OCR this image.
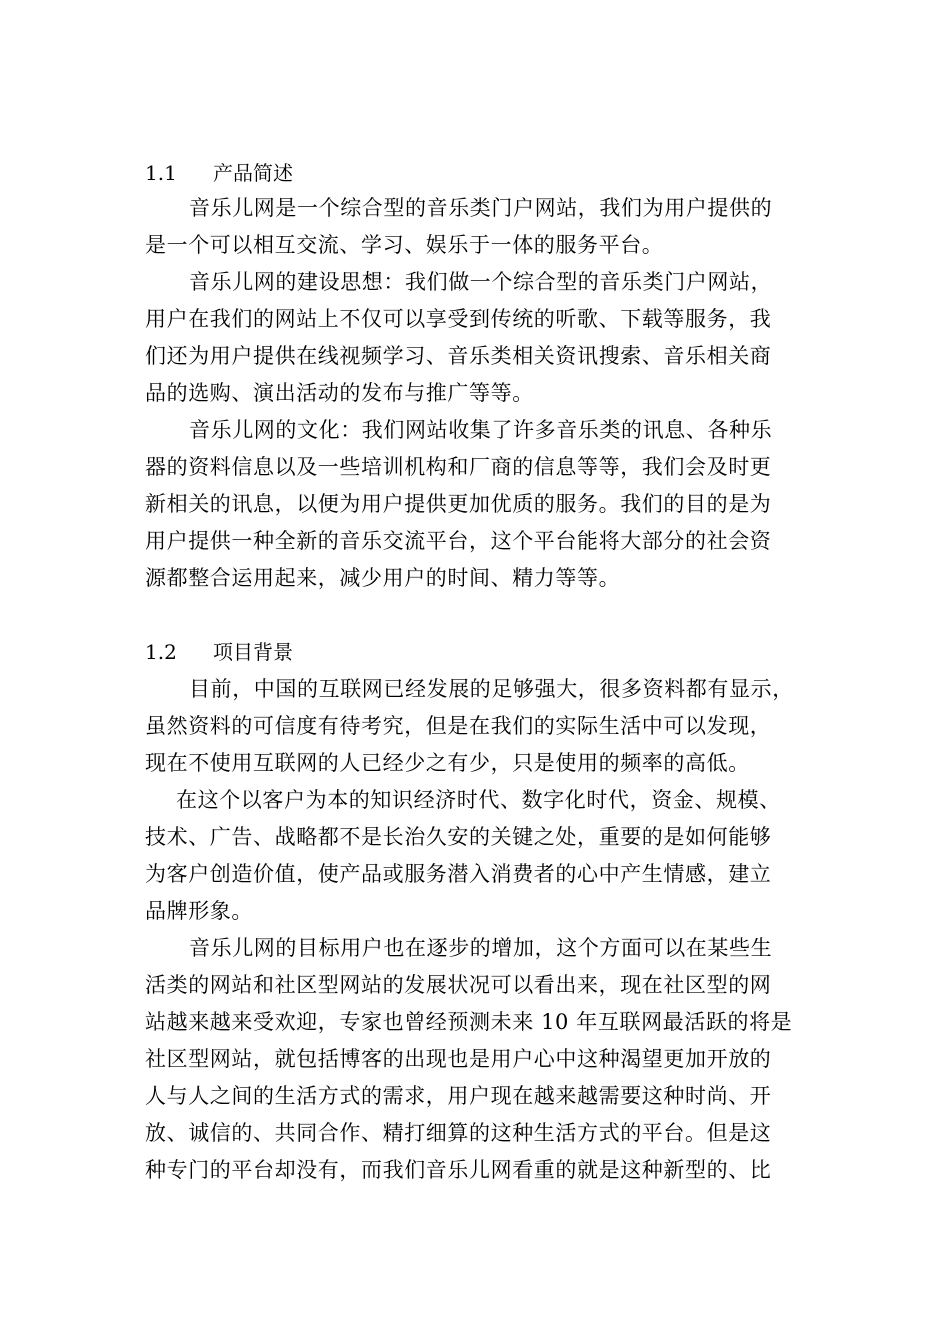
1.1 产品简述
音乐儿网是一个综合型的音乐类门户网站，我们为用户提供的
是一个可以相互交流、学习、娱乐于一体的服务平台。
音乐儿网的建设思想：我们做一个综合型的音乐类门户网站，
用户在我们的网站上不仅可以享受到传统的听歌、下载等服务，我
们还为用户提供在线视频学习、音乐类相关资讯搜索、音乐相关商
品的选购、演出活动的发布与推广等等。
音乐儿网的文化：我们网站收集了许多音乐类的讯息、各种乐
器的资料信息以及一些培训机构和厂商的信息等等，我们会及时更
新相关的讯息，以便为用户提供更加优质的服务。我们的目的是为
用户提供一种全新的音乐交流平台，这个平台能将大部分的社会资
源都整合运用起来，减少用户的时间、精力等等。
1.2 项目背景
目前，中国的互联网已经发展的足够强大，很多资料都有显示，
虽然资料的可信度有待考究，但是在我们的实际生活中可以发现，
现在不使用互联网的人已经少之有少，只是使用的频率的高低。
在这个以客户为本的知识经济时代、数字化时代，资金、规模、
技术、广告、战略都不是长治久安的关键之处，重要的是如何能够
为客户创造价值，使产品或服务潜入消费者的心中产生情感，建立
品牌形象。
音乐儿网的目标用户也在逐步的增加，这个方面可以在某些生
活类的网站和社区型网站的发展状况可以看出来，现在社区型的网
站越来越来受欢迎，专家也曾经预测未来 10 年互联网最活跃的将是
社区型网站，就包括博客的出现也是用户心中这种渴望更加开放的
人与人之间的生活方式的需求，用户现在越来越需要这种时尚、开
放、诚信的、共同合作、精打细算的这种生活方式的平台。但是这
种专门的平台却没有，而我们音乐儿网看重的就是这种新型的、比
